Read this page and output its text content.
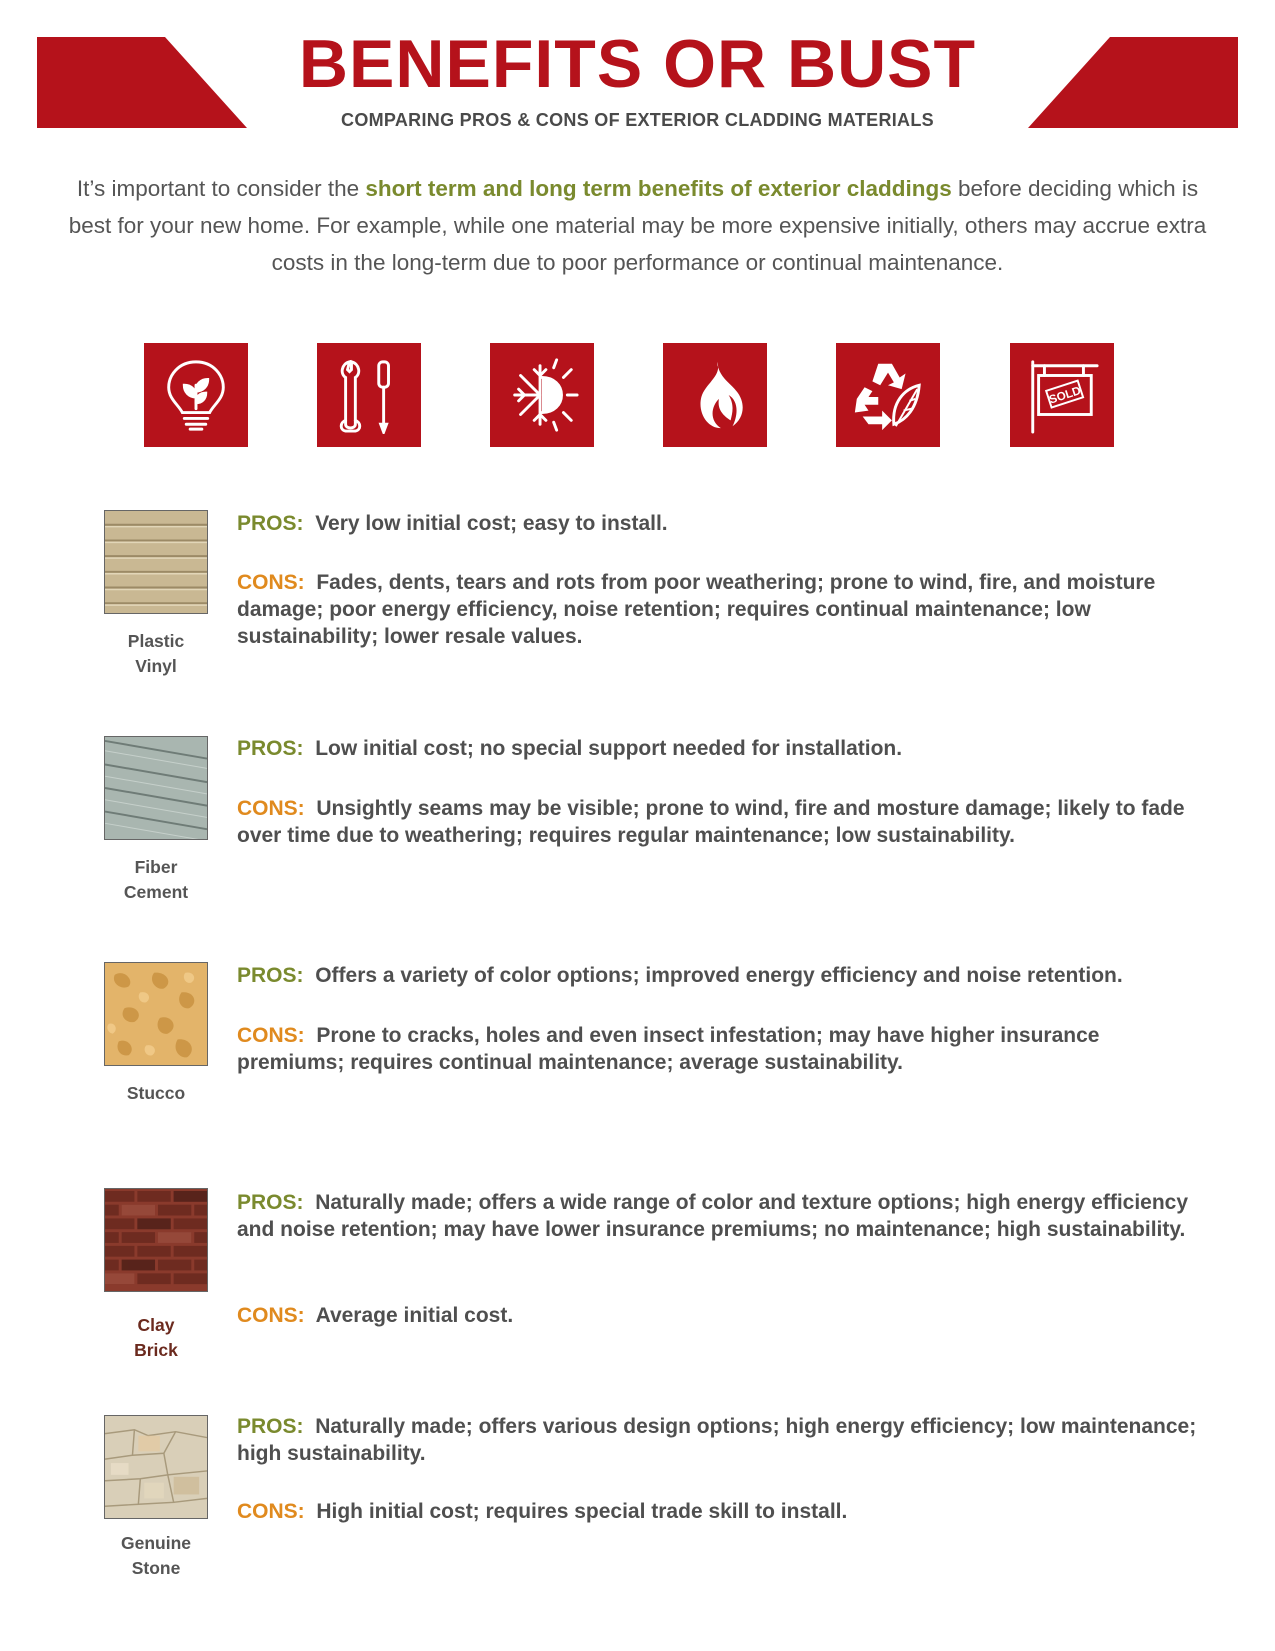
BENEFITS OR BUST
COMPARING PROS & CONS OF EXTERIOR CLADDING MATERIALS
It’s important to consider the short term and long term benefits of exterior claddings before deciding which is best for your new home. For example, while one material may be more expensive initially, others may accrue extra costs in the long-term due to poor performance or continual maintenance.
SOLD
Plastic
Vinyl
PROS: Very low initial cost; easy to install.
CONS: Fades, dents, tears and rots from poor weathering; prone to wind, fire, and moisture damage; poor energy efficiency, noise retention; requires continual maintenance; low sustainability; lower resale values.
Fiber
Cement
PROS: Low initial cost; no special support needed for installation.
CONS: Unsightly seams may be visible; prone to wind, fire and mosture damage; likely to fade over time due to weathering; requires regular maintenance; low sustainability.
Stucco
PROS: Offers a variety of color options; improved energy efficiency and noise retention.
CONS: Prone to cracks, holes and even insect infestation; may have higher insurance premiums; requires continual maintenance; average sustainability.
Clay
Brick
PROS: Naturally made; offers a wide range of color and texture options; high energy efficiency and noise retention; may have lower insurance premiums; no maintenance; high sustainability.
CONS: Average initial cost.
Genuine
Stone
PROS: Naturally made; offers various design options; high energy efficiency; low maintenance; high sustainability.
CONS: High initial cost; requires special trade skill to install.
